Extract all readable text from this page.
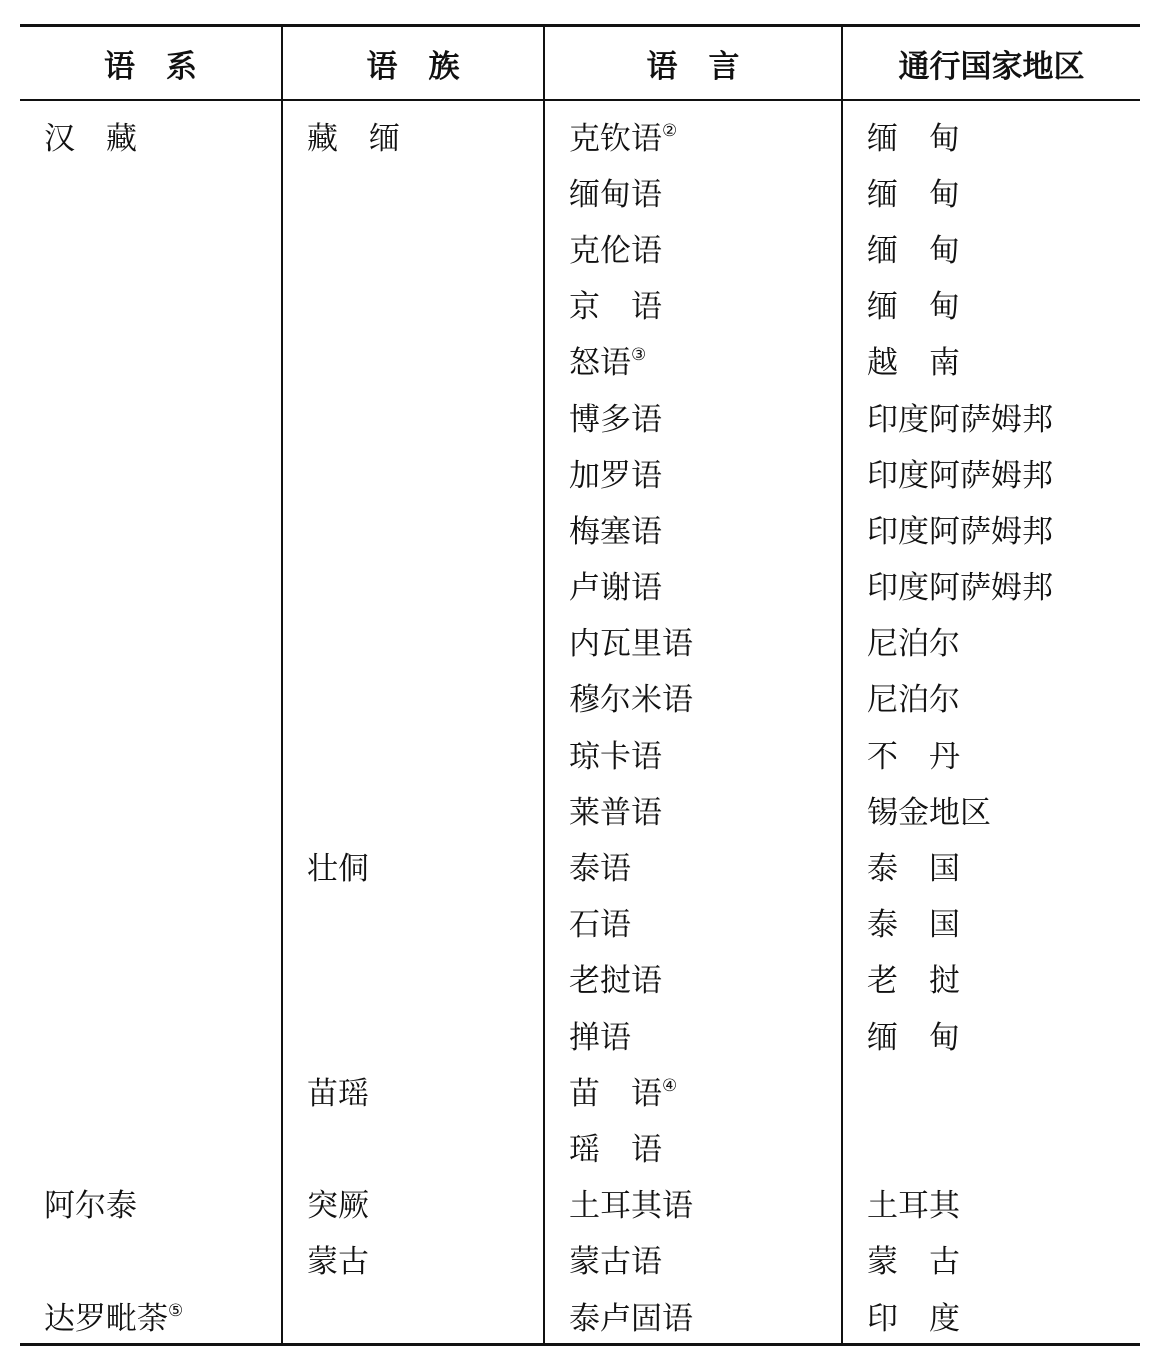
语　系	语　族	语　言	通行国家地区
汉　藏	藏　缅	克钦语②	缅　甸
		缅甸语	缅　甸
		克伦语	缅　甸
		京　语	缅　甸
		怒语③	越　南
		博多语	印度阿萨姆邦
		加罗语	印度阿萨姆邦
		梅塞语	印度阿萨姆邦
		卢谢语	印度阿萨姆邦
		内瓦里语	尼泊尔
		穆尔米语	尼泊尔
		琼卡语	不　丹
		莱普语	锡金地区
	壮侗	泰语	泰　国
		石语	泰　国
		老挝语	老　挝
		掸语	缅　甸
	苗瑶	苗　语④	
		瑶　语	
阿尔泰	突厥	土耳其语	土耳其
	蒙古	蒙古语	蒙　古
达罗毗荼⑤		泰卢固语	印　度
